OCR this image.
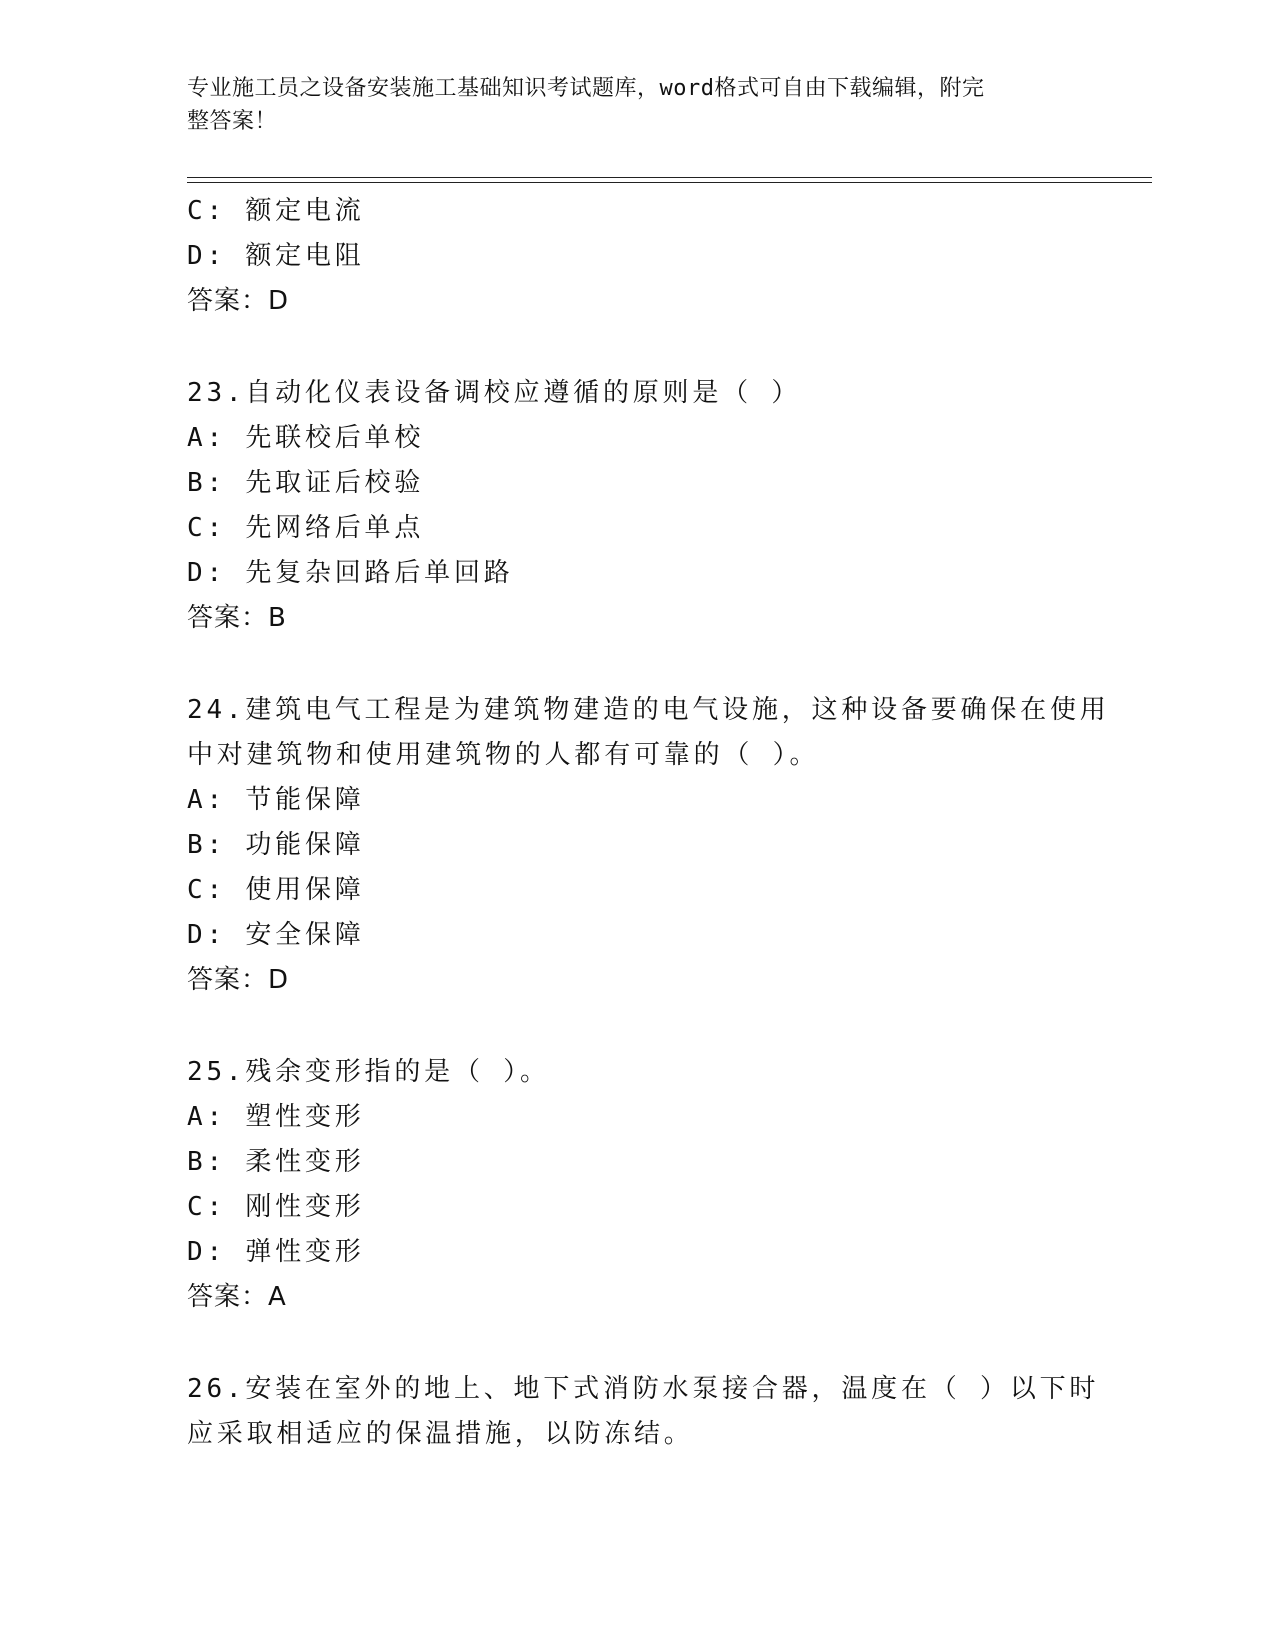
专业施工员之设备安装施工基础知识考试题库，word格式可自由下载编辑，附完
整答案！
C: 额定电流
D: 额定电阻
答案：D
23.自动化仪表设备调校应遵循的原则是（ ）
A: 先联校后单校
B: 先取证后校验
C: 先网络后单点
D: 先复杂回路后单回路
答案：B
24.建筑电气工程是为建筑物建造的电气设施，这种设备要确保在使用
中对建筑物和使用建筑物的人都有可靠的（ ）。
A: 节能保障
B: 功能保障
C: 使用保障
D: 安全保障
答案：D
25.残余变形指的是（ ）。
A: 塑性变形
B: 柔性变形
C: 刚性变形
D: 弹性变形
答案：A
26.安装在室外的地上、地下式消防水泵接合器，温度在（ ）以下时
应采取相适应的保温措施，以防冻结。
